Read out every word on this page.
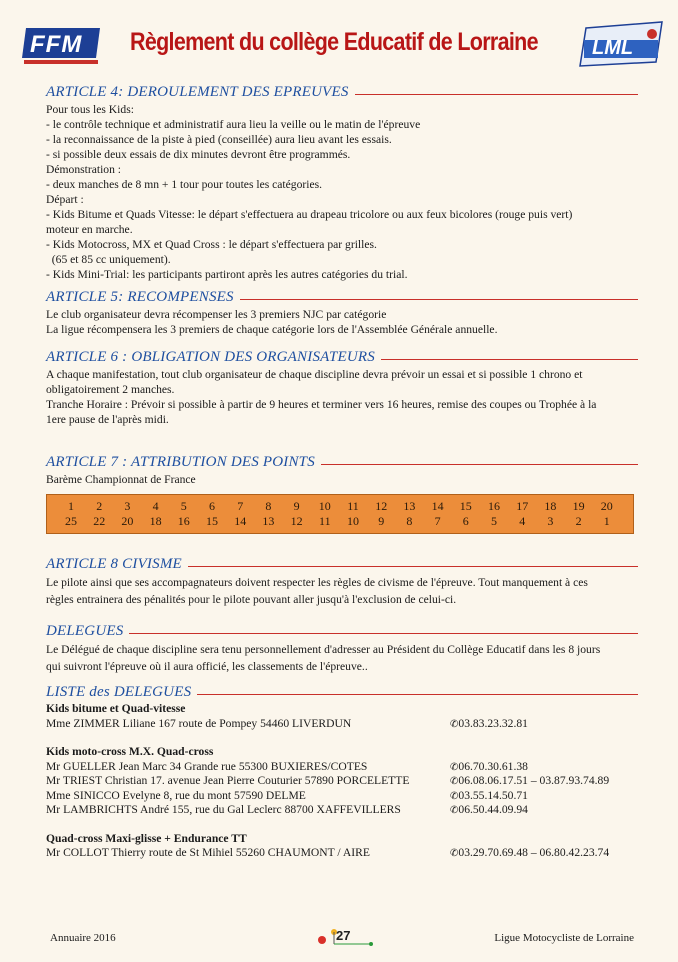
FFM Règlement du collège Educatif de Lorraine	LML
ARTICLE 4: DEROULEMENT DES EPREUVES

Pour tous les Kids:

- le contrôle technique et administratif aura lieu la veille ou le matin de l'épreuve

- la reconnaissance de la piste à pied (conseillée) aura lieu avant les essais.

- si possible deux essais de dix minutes devront être programmés.

Démonstration :

- deux manches de 8 mn + 1 tour pour toutes les catégories.

Départ :

- Kids Bitume et Quads Vitesse: le départ s'effectuera au drapeau tricolore ou aux feux bicolores (rouge puis vert)

moteur en marche.

- Kids Motocross, MX et Quad Cross : le départ s'effectuera par grilles.

(65 et 85 cc uniquement).

- Kids Mini-Trial: les participants partiront après les autres catégories du trial.

ARTICLE 5: RECOMPENSES

Le club organisateur devra récompenser les 3 premiers NJC par catégorie

La ligue récompensera les 3 premiers de chaque catégorie lors de l'Assemblée Générale annuelle.

ARTICLE 6 : OBLIGATION DES ORGANISATEURS

A chaque manifestation, tout club organisateur de chaque discipline devra prévoir un essai et si possible 1 chrono et

obligatoirement 2 manches.

Tranche Horaire : Prévoir si possible à partir de 9 heures et terminer vers 16 heures, remise des coupes ou Trophée à la

1ere pause de l'après midi.

ARTICLE 7 : ATTRIBUTION DES POINTS
Barème Championnat de France
1	2	3	4	5	6	7	8	9	10	11	12	13	14	15	16	17	18	19	20
25	22	20	18	16	15	14	13	12	11	10	9	8	7	6	5	4	3	2	1
ARTICLE 8 CIVISME

Le pilote ainsi que ses accompagnateurs doivent respecter les règles de civisme de l'épreuve. Tout manquement à ces

règles entrainera des pénalités pour le pilote pouvant aller jusqu'à l'exclusion de celui-ci.

DELEGUES

Le Délégué de chaque discipline sera tenu personnellement d'adresser au Président du Collège Educatif dans les 8 jours

qui suivront l'épreuve où il aura officié, les classements de l'épreuve..

LISTE des DELEGUES
Kids bitume et Quad-vitesse
Mme ZIMMER Liliane 167 route de Pompey 54460 LIVERDUN	✆03.83.23.32.81
Kids moto-cross M.X. Quad-cross
Mr GUELLER Jean Marc 34 Grande rue 55300 BUXIERES/COTES	✆06.70.30.61.38
Mr TRIEST Christian 17. avenue Jean Pierre Couturier 57890 PORCELETTE	✆06.08.06.17.51 – 03.87.93.74.89
Mme SINICCO Evelyne 8, rue du mont 57590 DELME	✆03.55.14.50.71
Mr LAMBRICHTS André 155, rue du Gal Leclerc 88700 XAFFEVILLERS	✆06.50.44.09.94
Quad-cross Maxi-glisse + Endurance TT
Mr COLLOT Thierry route de St Mihiel 55260 CHAUMONT / AIRE	✆03.29.70.69.48 – 06.80.42.23.74
Annuaire 2016	27	Ligue Motocycliste de Lorraine
